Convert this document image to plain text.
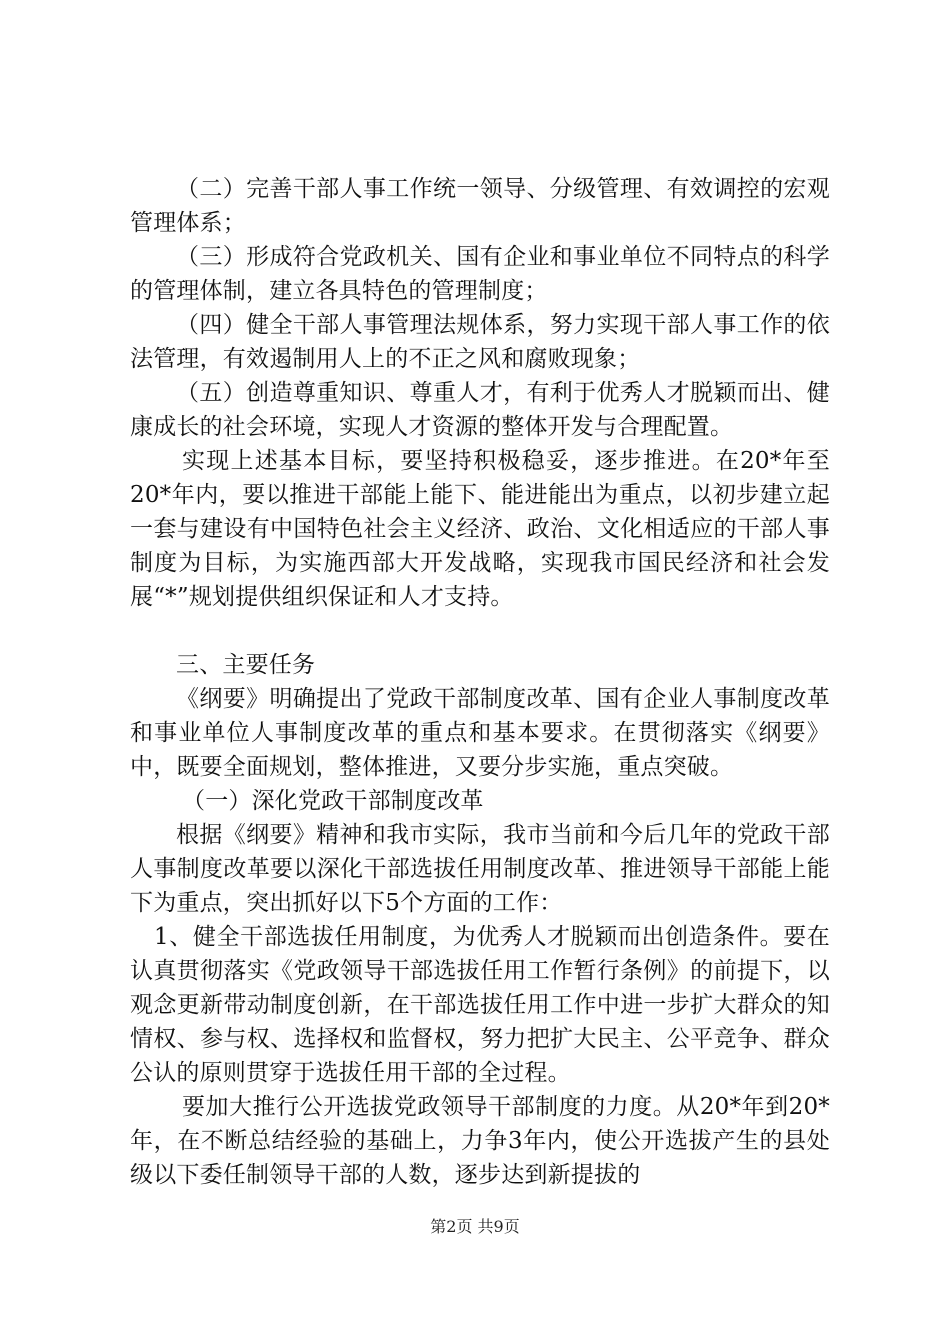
（二）完善干部人事工作统一领导、分级管理、有效调控的宏观管理体系；

（三）形成符合党政机关、国有企业和事业单位不同特点的科学的管理体制，建立各具特色的管理制度；

（四）健全干部人事管理法规体系，努力实现干部人事工作的依法管理，有效遏制用人上的不正之风和腐败现象；

（五）创造尊重知识、尊重人才，有利于优秀人才脱颖而出、健康成长的社会环境，实现人才资源的整体开发与合理配置。

实现上述基本目标，要坚持积极稳妥，逐步推进。在20*年至20*年内，要以推进干部能上能下、能进能出为重点，以初步建立起一套与建设有中国特色社会主义经济、政治、文化相适应的干部人事制度为目标，为实施西部大开发战略，实现我市国民经济和社会发展“*”规划提供组织保证和人才支持。

三、主要任务

《纲要》明确提出了党政干部制度改革、国有企业人事制度改革和事业单位人事制度改革的重点和基本要求。在贯彻落实《纲要》中，既要全面规划，整体推进，又要分步实施，重点突破。

（一）深化党政干部制度改革

根据《纲要》精神和我市实际，我市当前和今后几年的党政干部人事制度改革要以深化干部选拔任用制度改革、推进领导干部能上能下为重点，突出抓好以下5个方面的工作：

1、健全干部选拔任用制度，为优秀人才脱颖而出创造条件。要在认真贯彻落实《党政领导干部选拔任用工作暂行条例》的前提下，以观念更新带动制度创新，在干部选拔任用工作中进一步扩大群众的知情权、参与权、选择权和监督权，努力把扩大民主、公平竞争、群众公认的原则贯穿于选拔任用干部的全过程。

要加大推行公开选拔党政领导干部制度的力度。从20*年到20*年，在不断总结经验的基础上，力争3年内，使公开选拔产生的县处级以下委任制领导干部的人数，逐步达到新提拔的

第2页 共9页
